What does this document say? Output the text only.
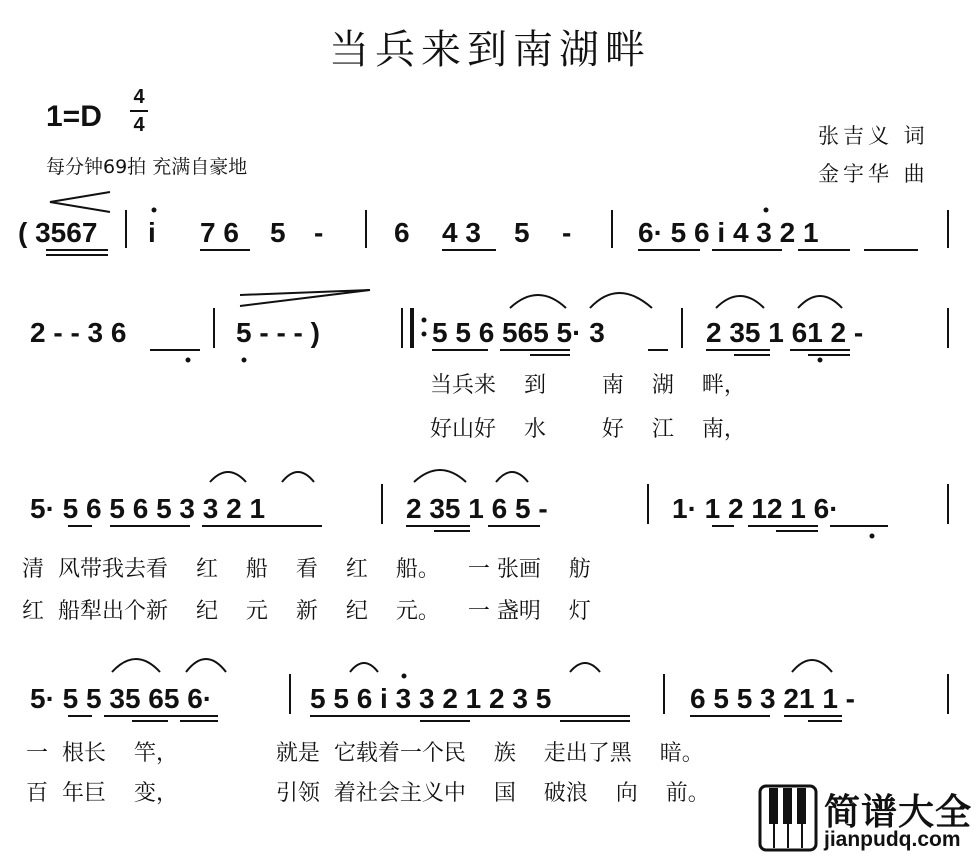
当兵来到南湖畔
1=D
4
4
每分钟69拍 充满自豪地
张吉义 词
金宇华 曲
( 3567 i 7 6 5 -	6 4 3 5 - 6· 5 6 i 4 3 2 1
2 - - 3 6	5 - - - )	5 5 6 565 5· 3	2 35 1 61 2 -
5· 5 6 5 6 5 3 3 2 1	2 35 1 6 5 -	1· 1 2 12 1 6·
5· 5 5 35 65 6·	5 5 6 i 3 3 2 1 2 3 5	6 5 5 3 21 1 -
当兵来    到        南    湖    畔，
好山好    水        好    江    南，
清  风带我去看    红    船    看    红    船。    一 张画    舫
红  船犁出个新    纪    元    新    纪    元。    一 盏明    灯
一  根长    竿，              就是  它载着一个民    族    走出了黑    暗。
百  年巨    变，              引领  着社会主义中    国    破浪    向    前。	简谱大全
jianpudq.com
